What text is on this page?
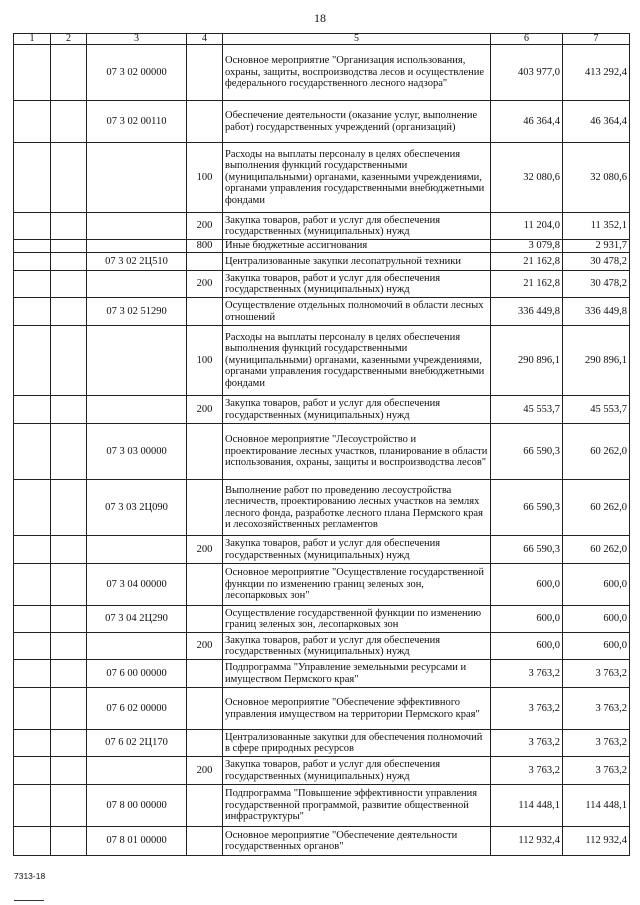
18
1	2	3	4	5	6	7
		07 3 02 00000		Основное мероприятие "Организация использования, охраны, защиты, воспроизводства лесов и осуществление федерального государственного лесного надзора"	403 977,0	413 292,4
		07 3 02 00110		Обеспечение деятельности (оказание услуг, выполнение работ) государственных учреждений (организаций)	46 364,4	46 364,4
			100	Расходы на выплаты персоналу в целях обеспечения выполнения функций государственными (муниципальными) органами, казенными учреждениями, органами управления государственными внебюджетными фондами	32 080,6	32 080,6
			200	Закупка товаров, работ и услуг для обеспечения государственных (муниципальных) нужд	11 204,0	11 352,1
			800	Иные бюджетные ассигнования	3 079,8	2 931,7
		07 3 02 2Ц510		Централизованные закупки лесопатрульной техники	21 162,8	30 478,2
			200	Закупка товаров, работ и услуг для обеспечения государственных (муниципальных) нужд	21 162,8	30 478,2
		07 3 02 51290		Осуществление отдельных полномочий в области лесных отношений	336 449,8	336 449,8
			100	Расходы на выплаты персоналу в целях обеспечения выполнения функций государственными (муниципальными) органами, казенными учреждениями, органами управления государственными внебюджетными фондами	290 896,1	290 896,1
			200	Закупка товаров, работ и услуг для обеспечения государственных (муниципальных) нужд	45 553,7	45 553,7
		07 3 03 00000		Основное мероприятие "Лесоустройство и проектирование лесных участков, планирование в области использования, охраны, защиты и воспроизводства лесов"	66 590,3	60 262,0
		07 3 03 2Ц090		Выполнение работ по проведению лесоустройства лесничеств, проектированию лесных участков на землях лесного фонда, разработке лесного плана Пермского края и лесохозяйственных регламентов	66 590,3	60 262,0
			200	Закупка товаров, работ и услуг для обеспечения государственных (муниципальных) нужд	66 590,3	60 262,0
		07 3 04 00000		Основное мероприятие "Осуществление государственной функции по изменению границ зеленых зон, лесопарковых зон"	600,0	600,0
		07 3 04 2Ц290		Осуществление государственной функции по изменению границ зеленых зон, лесопарковых зон	600,0	600,0
			200	Закупка товаров, работ и услуг для обеспечения государственных (муниципальных) нужд	600,0	600,0
		07 6 00 00000		Подпрограмма "Управление земельными ресурсами и имуществом Пермского края"	3 763,2	3 763,2
		07 6 02 00000		Основное мероприятие "Обеспечение эффективного управления имуществом на территории Пермского края"	3 763,2	3 763,2
		07 6 02 2Ц170		Централизованные закупки для обеспечения полномочий в сфере природных ресурсов	3 763,2	3 763,2
			200	Закупка товаров, работ и услуг для обеспечения государственных (муниципальных) нужд	3 763,2	3 763,2
		07 8 00 00000		Подпрограмма "Повышение эффективности управления государственной программой, развитие общественной инфраструктуры"	114 448,1	114 448,1
		07 8 01 00000		Основное мероприятие "Обеспечение деятельности государственных органов"	112 932,4	112 932,4
7313-18
